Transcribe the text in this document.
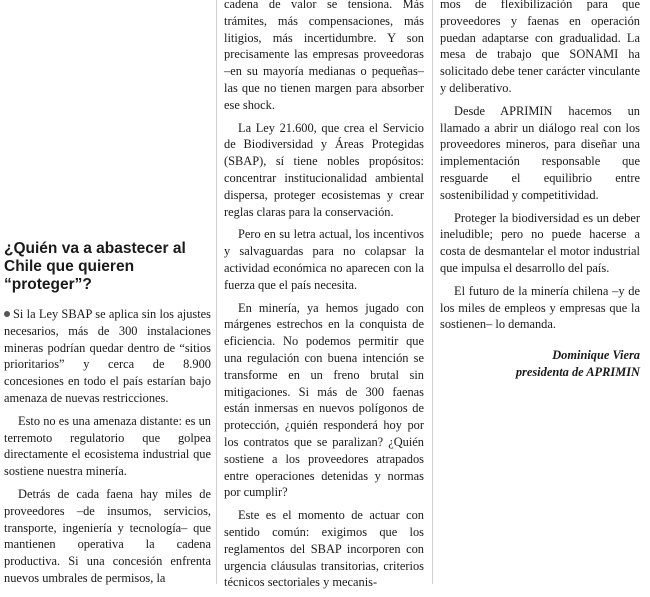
¿Quién va a abastecer al Chile que quieren “proteger”?

Si la Ley SBAP se aplica sin los ajustes necesarios, más de 300 instalaciones mineras podrían quedar dentro de “sitios prioritarios” y cerca de 8.900 concesiones en todo el país estarían bajo amenaza de nuevas restricciones.

Esto no es una amenaza distante: es un terremoto regulatorio que golpea directamente el ecosistema industrial que sostiene nuestra minería.

Detrás de cada faena hay miles de proveedores –de insumos, servicios, transporte, ingeniería y tecnología– que mantienen operativa la cadena productiva. Si una concesión enfrenta nuevos umbrales de permisos, la

cadena de valor se tensiona. Más trámites, más compensaciones, más litigios, más incertidumbre. Y son precisamente las empresas proveedoras –en su mayoría medianas o pequeñas– las que no tienen margen para absorber ese shock.

La Ley 21.600, que crea el Servicio de Biodiversidad y Áreas Protegidas (SBAP), sí tiene nobles propósitos: concentrar institucionalidad ambiental dispersa, proteger ecosistemas y crear reglas claras para la conservación.

Pero en su letra actual, los incentivos y salvaguardas para no colapsar la actividad económica no aparecen con la fuerza que el país necesita.

En minería, ya hemos jugado con márgenes estrechos en la conquista de eficiencia. No podemos permitir que una regulación con buena intención se transforme en un freno brutal sin mitigaciones. Si más de 300 faenas están inmersas en nuevos polígonos de protección, ¿quién responderá hoy por los contratos que se paralizan? ¿Quién sostiene a los proveedores atrapados entre operaciones detenidas y normas por cumplir?

Este es el momento de actuar con sentido común: exigimos que los reglamentos del SBAP incorporen con urgencia cláusulas transitorias, criterios técnicos sectoriales y mecanis-

mos de flexibilización para que proveedores y faenas en operación puedan adaptarse con gradualidad. La mesa de trabajo que SONAMI ha solicitado debe tener carácter vinculante y deliberativo.

Desde APRIMIN hacemos un llamado a abrir un diálogo real con los proveedores mineros, para diseñar una implementación responsable que resguarde el equilibrio entre sostenibilidad y competitividad.

Proteger la biodiversidad es un deber ineludible; pero no puede hacerse a costa de desmantelar el motor industrial que impulsa el desarrollo del país.

El futuro de la minería chilena –y de los miles de empleos y empresas que la sostienen– lo demanda.

Dominique Viera
presidenta de APRIMIN
